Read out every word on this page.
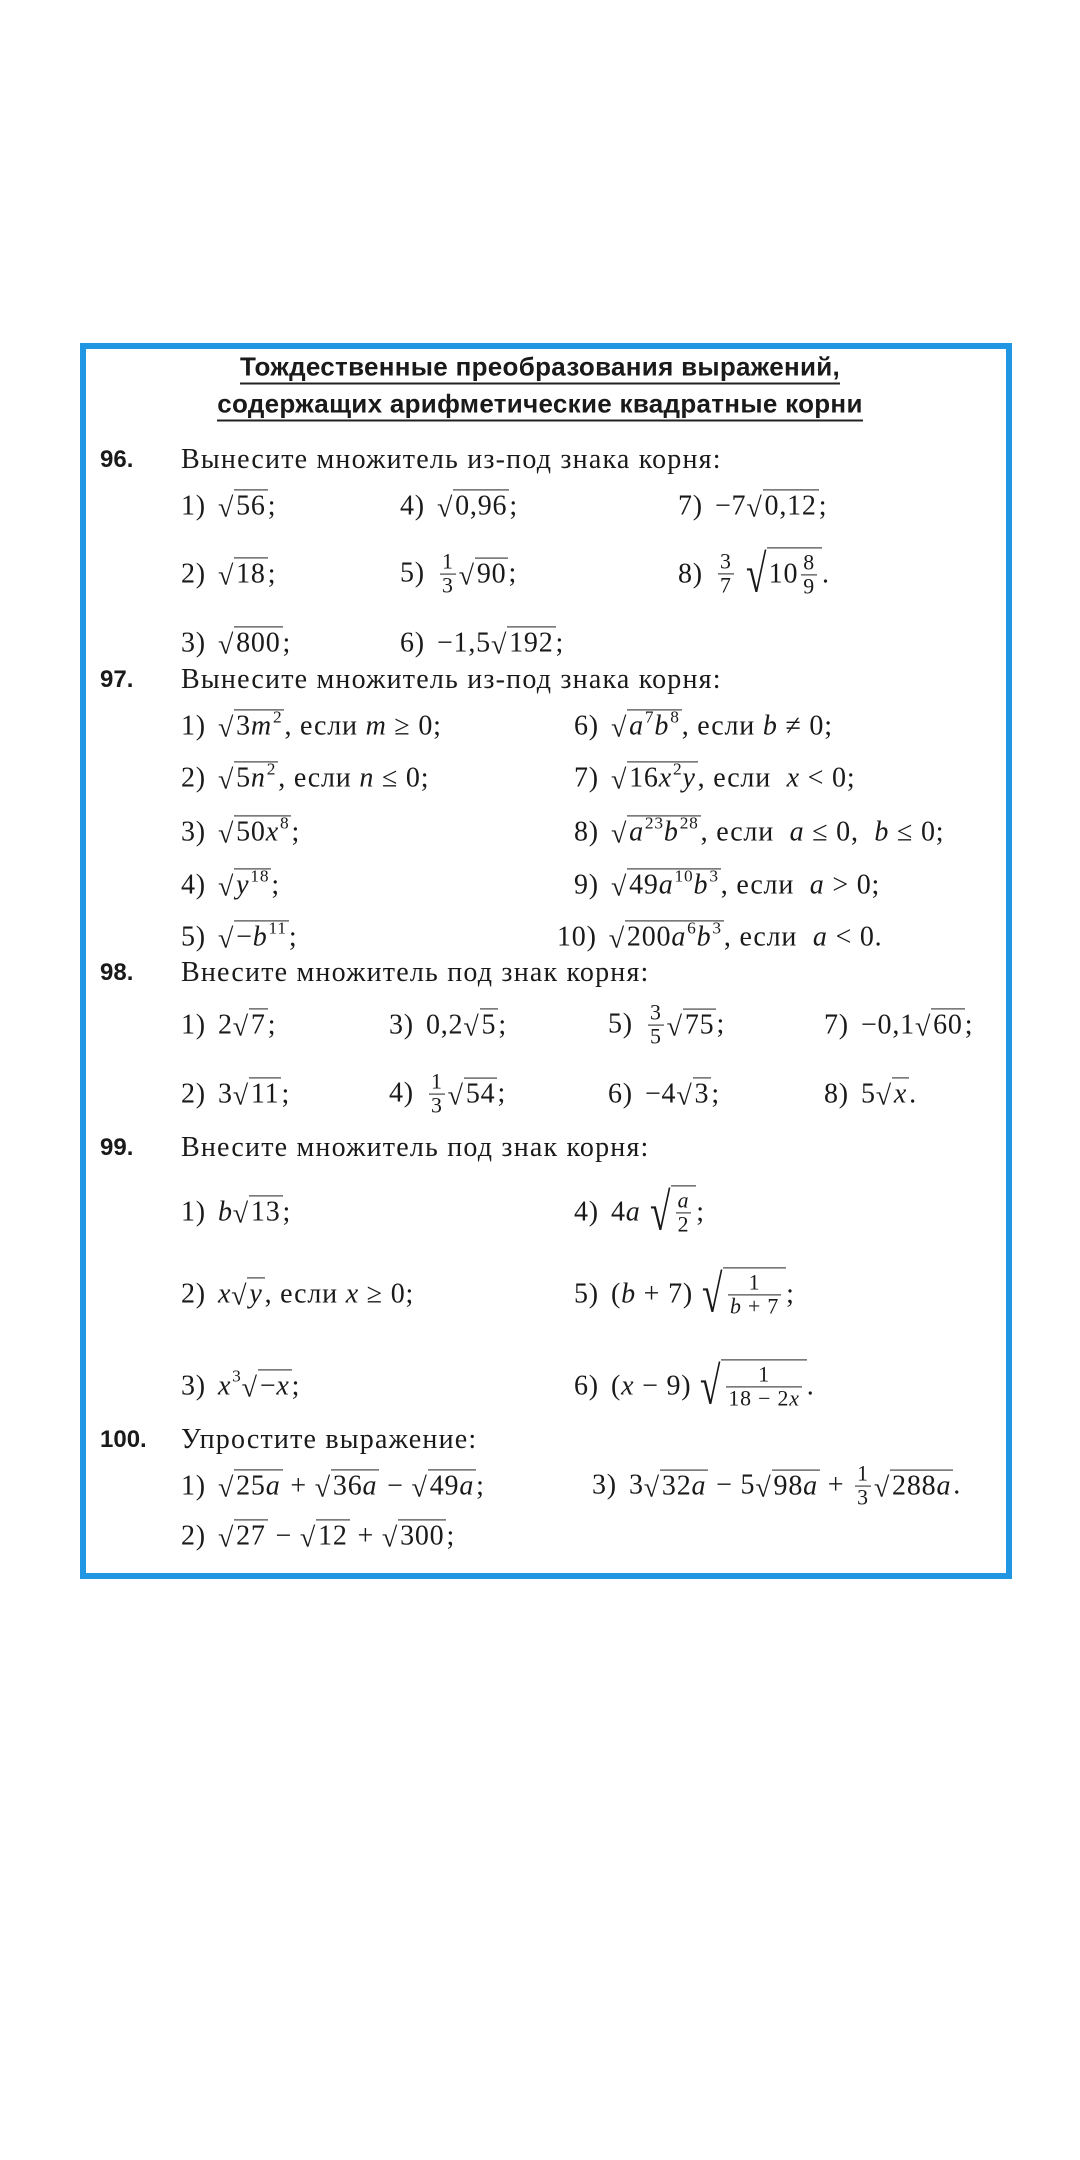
Тождественные преобразования выражений,
содержащих арифметические квадратные корни
96. Вынесите множитель из-под знака корня:
1) √ 56 ;
2) √ 18 ;
3) √ 800 ;
4) √ 0,96 ;
$5) \frac{1}{3}$ √ 90 ;
6) −1,5 √ 192 ;
7) −7 √ 0,12 ;
$8) \frac{3}{7}$ √ $10 \frac{8}{9}$ .
97. Вынесите множитель из-под знака корня:
1) √ 3 m 2 , если m ≥ 0;
2) √ 5 n 2 , если n ≤ 0;
3) √ 50 x 8 ;
4) √ y 18 ;
5) √ − b 11 ;
6) √ a 7 b 8 , если b ≠ 0;
7) √ 16 x 2 y , если x < 0;
8) √ a 23 b 28 , если a ≤ 0, b ≤ 0;
9) √ 49 a 10 b 3 , если a > 0;
10) √ 200 a 6 b 3 , если a < 0.
98. Внесите множитель под знак корня:
1) 2 √ 7 ;
2) 3 √ 11 ;
3) 0,2 √ 5 ;
$4) \frac{1}{3}$ √ 54 ;
$5) \frac{3}{5}$ √ 75 ;
6) −4 √ 3 ;
7) −0,1 √ 60 ;
8) 5 √ x .
99. Внесите множитель под знак корня:
1) b √ 13 ;
2) x √ y , если x ≥ 0;
3) x 3 √ − x ;
4) 4 a √ $\frac{a}{2}$ ;
5) ( b + 7) √ $\frac{1}{b + 7}$ ;
6) ( x − 9) √ $\frac{1}{18 - 2x}$ .
100. Упростите выражение:
1) √ 25 a + √ 36 a − √ 49 a ;
2) √ 27 − √ 12 + √ 300 ;
3) 3 √ 32 a − 5 √ 98 $a + \frac{1}{3}$ √ 288 a .
